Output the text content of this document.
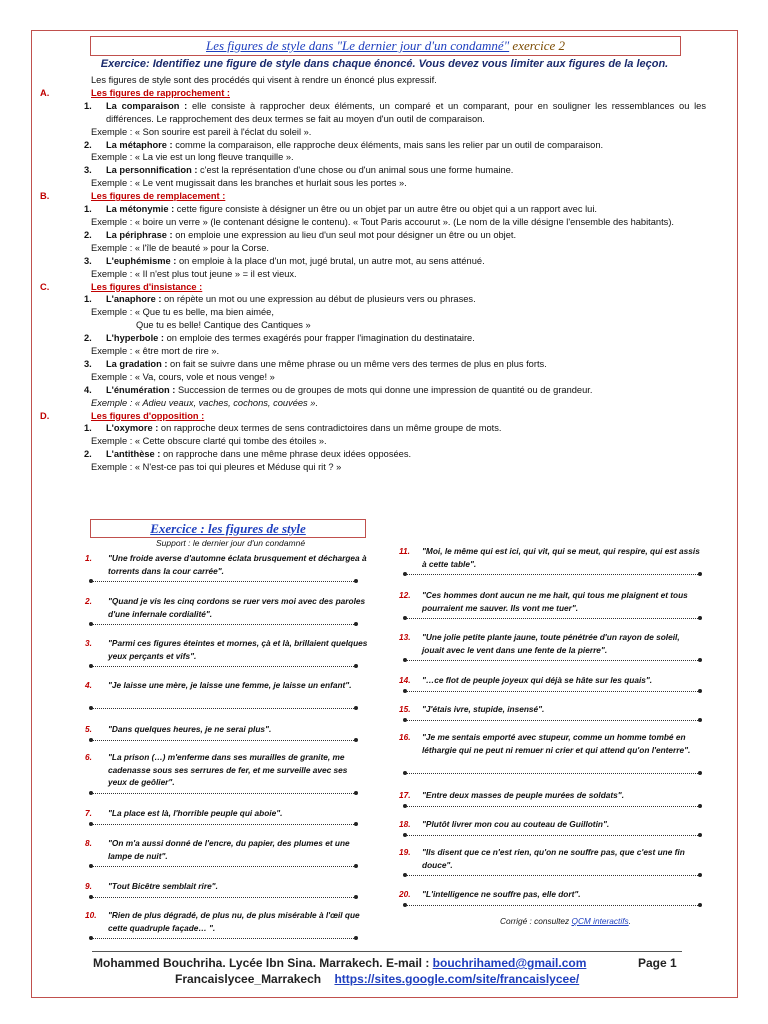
Les figures de style dans "Le dernier jour d'un condamné" exercice 2
Exercice: Identifiez une figure de style dans chaque énoncé. Vous devez vous limiter aux figures de la leçon.
Les figures de style sont des procédés qui visent à rendre un énoncé plus expressif.
A.	Les figures de rapprochement :
1. La comparaison : elle consiste à rapprocher deux éléments, un comparé et un comparant, pour en souligner les ressemblances ou les différences. Le rapprochement des deux termes se fait au moyen d'un outil de comparaison.
Exemple : « Son sourire est pareil à l'éclat du soleil ».
2. La métaphore : comme la comparaison, elle rapproche deux éléments, mais sans les relier par un outil de comparaison.
Exemple : « La vie est un long fleuve tranquille ».
3. La personnification : c'est la représentation d'une chose ou d'un animal sous une forme humaine.
Exemple : « Le vent mugissait dans les branches et hurlait sous les portes ».
B.	Les figures de remplacement :
1. La métonymie : cette figure consiste à désigner un être ou un objet par un autre être ou objet qui a un rapport avec lui.
Exemple : « boire un verre » (le contenant désigne le contenu). « Tout Paris accourut ». (Le nom de la ville désigne l'ensemble des habitants).
2. La périphrase : on emploie une expression au lieu d'un seul mot pour désigner un être ou un objet.
Exemple : « l'île de beauté » pour la Corse.
3. L'euphémisme : on emploie à la place d'un mot, jugé brutal, un autre mot, au sens atténué.
Exemple : « Il n'est plus tout jeune » = il est vieux.
C.	Les figures d'insistance :
1. L'anaphore : on répète un mot ou une expression au début de plusieurs vers ou phrases.
Exemple : « Que tu es belle, ma bien aimée,
Que tu es belle! Cantique des Cantiques »
2. L'hyperbole : on emploie des termes exagérés pour frapper l'imagination du destinataire.
Exemple : « être mort de rire ».
3. La gradation : on fait se suivre dans une même phrase ou un même vers des termes de plus en plus forts.
Exemple : « Va, cours, vole et nous venge! »
4. L'énumération : Succession de termes ou de groupes de mots qui donne une impression de quantité ou de grandeur.
Exemple : « Adieu veaux, vaches, cochons, couvées ».
D.	Les figures d'opposition :
1. L'oxymore : on rapproche deux termes de sens contradictoires dans un même groupe de mots.
Exemple : « Cette obscure clarté qui tombe des étoiles ».
2. L'antithèse : on rapproche dans une même phrase deux idées opposées.
Exemple : « N'est-ce pas toi qui pleures et Méduse qui rit ? »
Exercice : les figures de style
Support : le dernier jour d'un condamné
1. "Une froide averse d'automne éclata brusquement et déchargea à torrents dans la cour carrée".
2. "Quand je vis les cinq cordons se ruer vers moi avec des paroles d'une infernale cordialité".
3. "Parmi ces figures éteintes et mornes, çà et là, brillaient quelques yeux perçants et vifs".
4. "Je laisse une mère, je laisse une femme, je laisse un enfant".
5. "Dans quelques heures, je ne serai plus".
6. "La prison (…) m'enferme dans ses murailles de granite, me cadenasse sous ses serrures de fer, et me surveille avec ses yeux de geôlier".
7. "La place est là, l'horrible peuple qui aboie".
8. "On m'a aussi donné de l'encre, du papier, des plumes et une lampe de nuit".
9. "Tout Bicêtre semblait rire".
10. "Rien de plus dégradé, de plus nu, de plus misérable à l'œil que cette quadruple façade… ".
11. "Moi, le même qui est ici, qui vit, qui se meut, qui respire, qui est assis à cette table".
12. "Ces hommes dont aucun ne me hait, qui tous me plaignent et tous pourraient me sauver. Ils vont me tuer".
13. "Une jolie petite plante jaune, toute pénétrée d'un rayon de soleil, jouait avec le vent dans une fente de la pierre".
14. "…ce flot de peuple joyeux qui déjà se hâte sur les quais".
15. "J'étais ivre, stupide, insensé".
16. "Je me sentais emporté avec stupeur, comme un homme tombé en léthargie qui ne peut ni remuer ni crier et qui attend qu'on l'enterre".
17. "Entre deux masses de peuple murées de soldats".
18. "Plutôt livrer mon cou au couteau de Guillotin".
19. "Ils disent que ce n'est rien, qu'on ne souffre pas, que c'est une fin douce".
20. "L'intelligence ne souffre pas, elle dort".
Corrigé : consultez QCM interactifs.
Mohammed Bouchriha. Lycée Ibn Sina. Marrakech. E-mail : bouchrihamed@gmail.com	Page 1
Francaislycee_Marrakech https://sites.google.com/site/francaislycee/
